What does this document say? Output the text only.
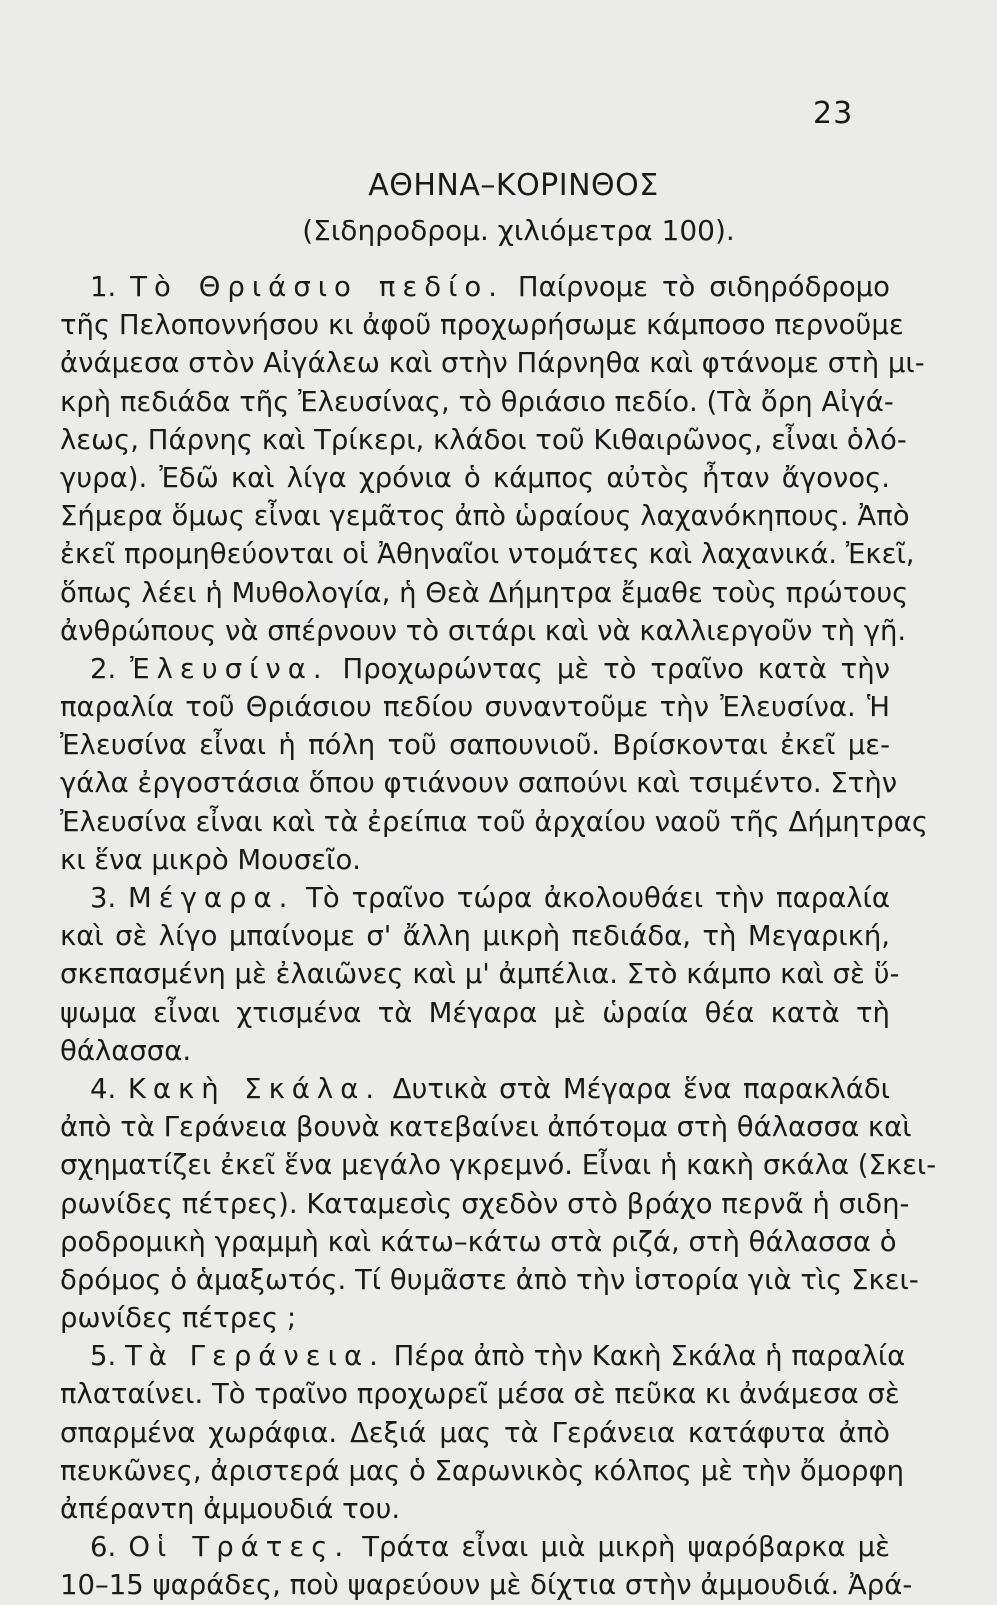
23
ΑΘΗΝΑ–ΚΟΡΙΝΘΟΣ
(Σιδηροδρομ. χιλιόμετρα 100).
1. Τὸ Θριάσιο πεδίο. Παίρνομε τὸ σιδηρόδρομο
τῆς Πελοποννήσου κι ἀφοῦ προχωρήσωμε κάμποσο περνοῦμε
ἀνάμεσα στὸν Αἰγάλεω καὶ στὴν Πάρνηθα καὶ φτάνομε στὴ μι-
κρὴ πεδιάδα τῆς Ἐλευσίνας, τὸ θριάσιο πεδίο. (Τὰ ὄρη Αἰγά-
λεως, Πάρνης καὶ Τρίκερι, κλάδοι τοῦ Κιθαιρῶνος, εἶναι ὁλό-
γυρα). Ἐδῶ καὶ λίγα χρόνια ὁ κάμπος αὐτὸς ἦταν ἄγονος.
Σήμερα ὅμως εἶναι γεμᾶτος ἀπὸ ὡραίους λαχανόκηπους. Ἀπὸ
ἐκεῖ προμηθεύονται οἱ Ἀθηναῖοι ντομάτες καὶ λαχανικά. Ἐκεῖ,
ὅπως λέει ἡ Μυθολογία, ἡ Θεὰ Δήμητρα ἔμαθε τοὺς πρώτους
ἀνθρώπους νὰ σπέρνουν τὸ σιτάρι καὶ νὰ καλλιεργοῦν τὴ γῆ.
2. Ἐλευσίνα. Προχωρώντας μὲ τὸ τραῖνο κατὰ τὴν
παραλία τοῦ Θριάσιου πεδίου συναντοῦμε τὴν Ἐλευσίνα. Ἡ
Ἐλευσίνα εἶναι ἡ πόλη τοῦ σαπουνιοῦ. Βρίσκονται ἐκεῖ με-
γάλα ἐργοστάσια ὅπου φτιάνουν σαπούνι καὶ τσιμέντο. Στὴν
Ἐλευσίνα εἶναι καὶ τὰ ἐρείπια τοῦ ἀρχαίου ναοῦ τῆς Δήμητρας
κι ἕνα μικρὸ Μουσεῖο.
3. Μέγαρα. Τὸ τραῖνο τώρα ἀκολουθάει τὴν παραλία
καὶ σὲ λίγο μπαίνομε σ' ἄλλη μικρὴ πεδιάδα, τὴ Μεγαρική,
σκεπασμένη μὲ ἐλαιῶνες καὶ μ' ἀμπέλια. Στὸ κάμπο καὶ σὲ ὕ-
ψωμα εἶναι χτισμένα τὰ Μέγαρα μὲ ὡραία θέα κατὰ τὴ
θάλασσα.
4. Κακὴ Σκάλα. Δυτικὰ στὰ Μέγαρα ἕνα παρακλάδι
ἀπὸ τὰ Γεράνεια βουνὰ κατεβαίνει ἀπότομα στὴ θάλασσα καὶ
σχηματίζει ἐκεῖ ἕνα μεγάλο γκρεμνό. Εἶναι ἡ κακὴ σκάλα (Σκει-
ρωνίδες πέτρες). Καταμεσὶς σχεδὸν στὸ βράχο περνᾶ ἡ σιδη-
ροδρομικὴ γραμμὴ καὶ κάτω–κάτω στὰ ριζά, στὴ θάλασσα ὁ
δρόμος ὁ ἁμαξωτός. Τί θυμᾶστε ἀπὸ τὴν ἱστορία γιὰ τὶς Σκει-
ρωνίδες πέτρες ;
5. Τὰ Γεράνεια. Πέρα ἀπὸ τὴν Κακὴ Σκάλα ἡ παραλία
πλαταίνει. Τὸ τραῖνο προχωρεῖ μέσα σὲ πεῦκα κι ἀνάμεσα σὲ
σπαρμένα χωράφια. Δεξιά μας τὰ Γεράνεια κατάφυτα ἀπὸ
πευκῶνες, ἀριστερά μας ὁ Σαρωνικὸς κόλπος μὲ τὴν ὄμορφη
ἀπέραντη ἀμμουδιά του.
6. Οἱ Τράτες. Τράτα εἶναι μιὰ μικρὴ ψαρόβαρκα μὲ
10–15 ψαράδες, ποὺ ψαρεύουν μὲ δίχτια στὴν ἀμμουδιά. Ἀρά-
